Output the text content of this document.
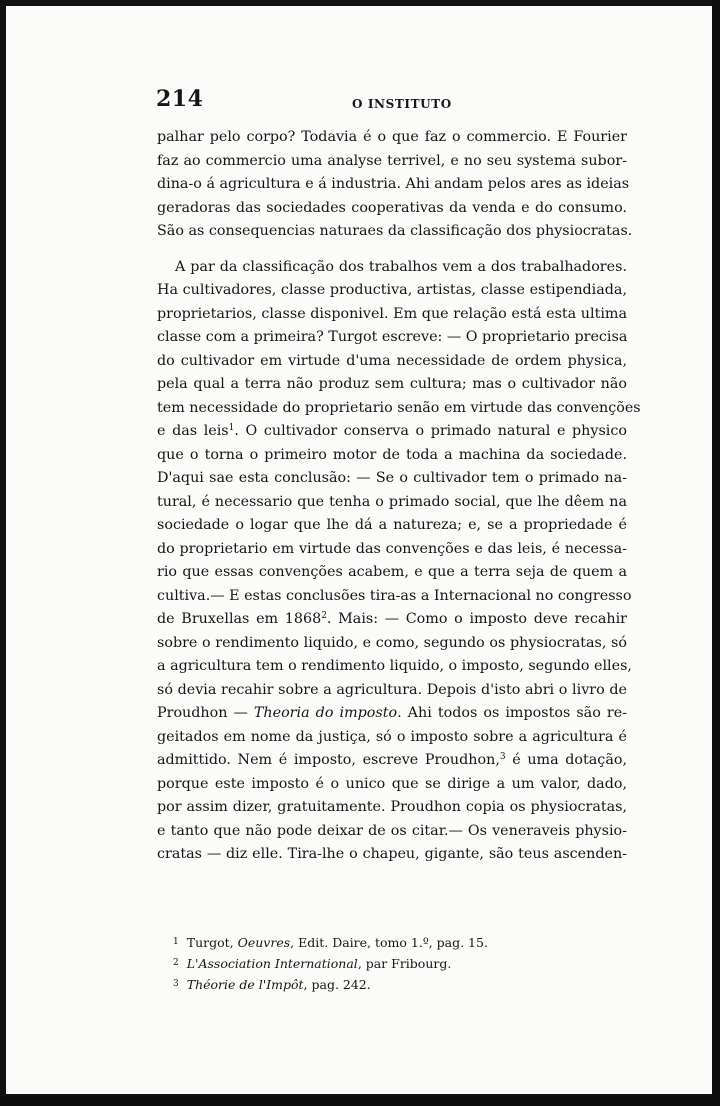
214	O INSTITUTO

palhar pelo corpo? Todavia é o que faz o commercio. E Fourier
faz ao commercio uma analyse terrivel, e no seu systema subor-
dina-o á agricultura e á industria. Ahi andam pelos ares as ideias
geradoras das sociedades cooperativas da venda e do consumo.
São as consequencias naturaes da classificação dos physiocratas.

A par da classificação dos trabalhos vem a dos trabalhadores.
Ha cultivadores, classe productiva, artistas, classe estipendiada,
proprietarios, classe disponivel. Em que relação está esta ultima
classe com a primeira? Turgot escreve: — O proprietario precisa
do cultivador em virtude d'uma necessidade de ordem physica,
pela qual a terra não produz sem cultura; mas o cultivador não
tem necessidade do proprietario senão em virtude das convenções
e das leis$^1$. O cultivador conserva o primado natural e physico
que o torna o primeiro motor de toda a machina da sociedade.
D'aqui sae esta conclusão: — Se o cultivador tem o primado na-
tural, é necessario que tenha o primado social, que lhe dêem na
sociedade o logar que lhe dá a natureza; e, se a propriedade é
do proprietario em virtude das convenções e das leis, é necessa-
rio que essas convenções acabem, e que a terra seja de quem a
cultiva.— E estas conclusões tira-as a Internacional no congresso
de Bruxellas em 1868$^2$. Mais: — Como o imposto deve recahir
sobre o rendimento liquido, e como, segundo os physiocratas, só
a agricultura tem o rendimento liquido, o imposto, segundo elles,
só devia recahir sobre a agricultura. Depois d'isto abri o livro de
Proudhon — Theoria do imposto. Ahi todos os impostos são re-
geitados em nome da justiça, só o imposto sobre a agricultura é
admittido. Nem é imposto, escreve Proudhon,$^3$ é uma dotação,
porque este imposto é o unico que se dirige a um valor, dado,
por assim dizer, gratuitamente. Proudhon copia os physiocratas,
e tanto que não pode deixar de os citar.— Os veneraveis physio-
cratas — diz elle. Tira-lhe o chapeu, gigante, são teus ascenden-

$^1$ Turgot, Oeuvres, Edit. Daire, tomo 1.º, pag. 15.
$^2$ L'Association International, par Fribourg.
$^3$ Théorie de l'Impôt, pag. 242.
